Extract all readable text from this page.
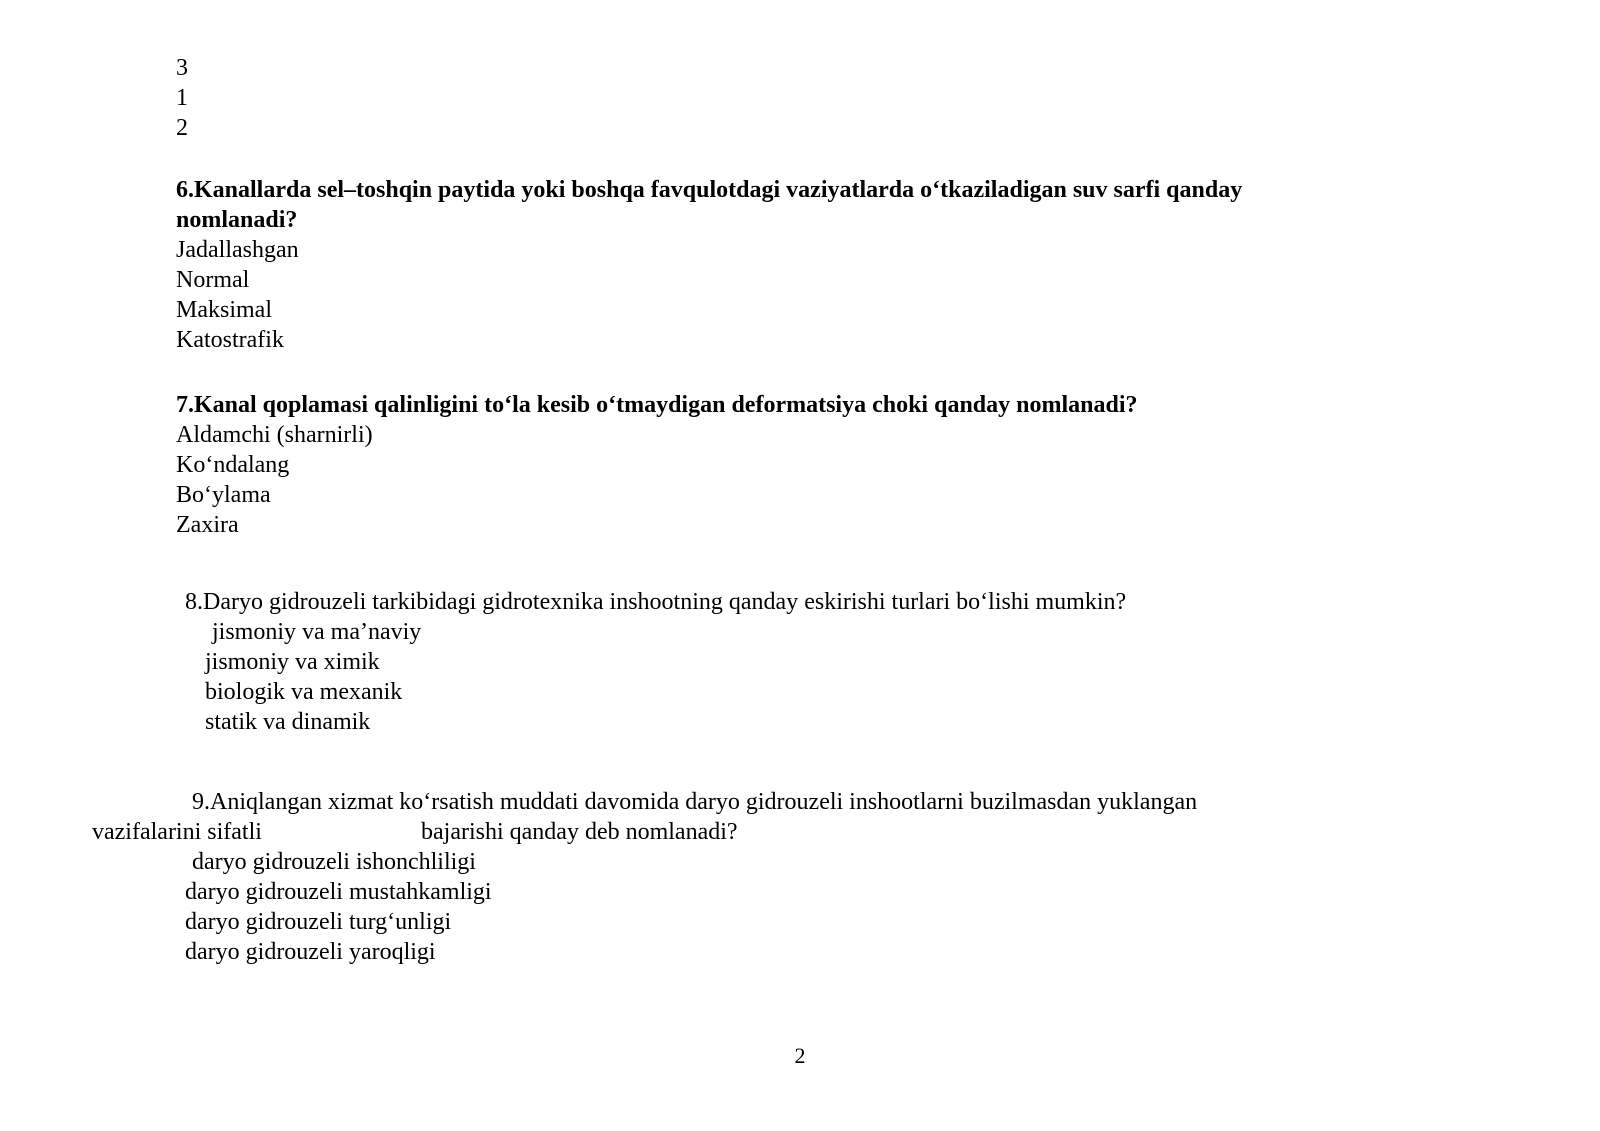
3
1
2
6.Kanallarda sel–toshqin paytida yoki boshqa favqulotdagi vaziyatlarda o‘tkaziladigan suv sarfi qanday
nomlanadi?
Jadallashgan
Normal
Maksimal
Katostrafik
7.Kanal qoplamasi qalinligini to‘la kesib o‘tmaydigan deformatsiya choki qanday nomlanadi?
Aldamchi (sharnirli)
Ko‘ndalang
Bo‘ylama
Zaxira
8.Daryo gidrouzeli tarkibidagi gidrotexnika inshootning qanday eskirishi turlari bo‘lishi mumkin?
jismoniy va ma’naviy
jismoniy va ximik
biologik va mexanik
statik va dinamik
9.Aniqlangan xizmat ko‘rsatish muddati davomida daryo gidrouzeli inshootlarni buzilmasdan yuklangan
vazifalarini sifatli	bajarishi qanday deb nomlanadi?
daryo gidrouzeli ishonchliligi
daryo gidrouzeli mustahkamligi
daryo gidrouzeli turg‘unligi
daryo gidrouzeli yaroqligi
2
